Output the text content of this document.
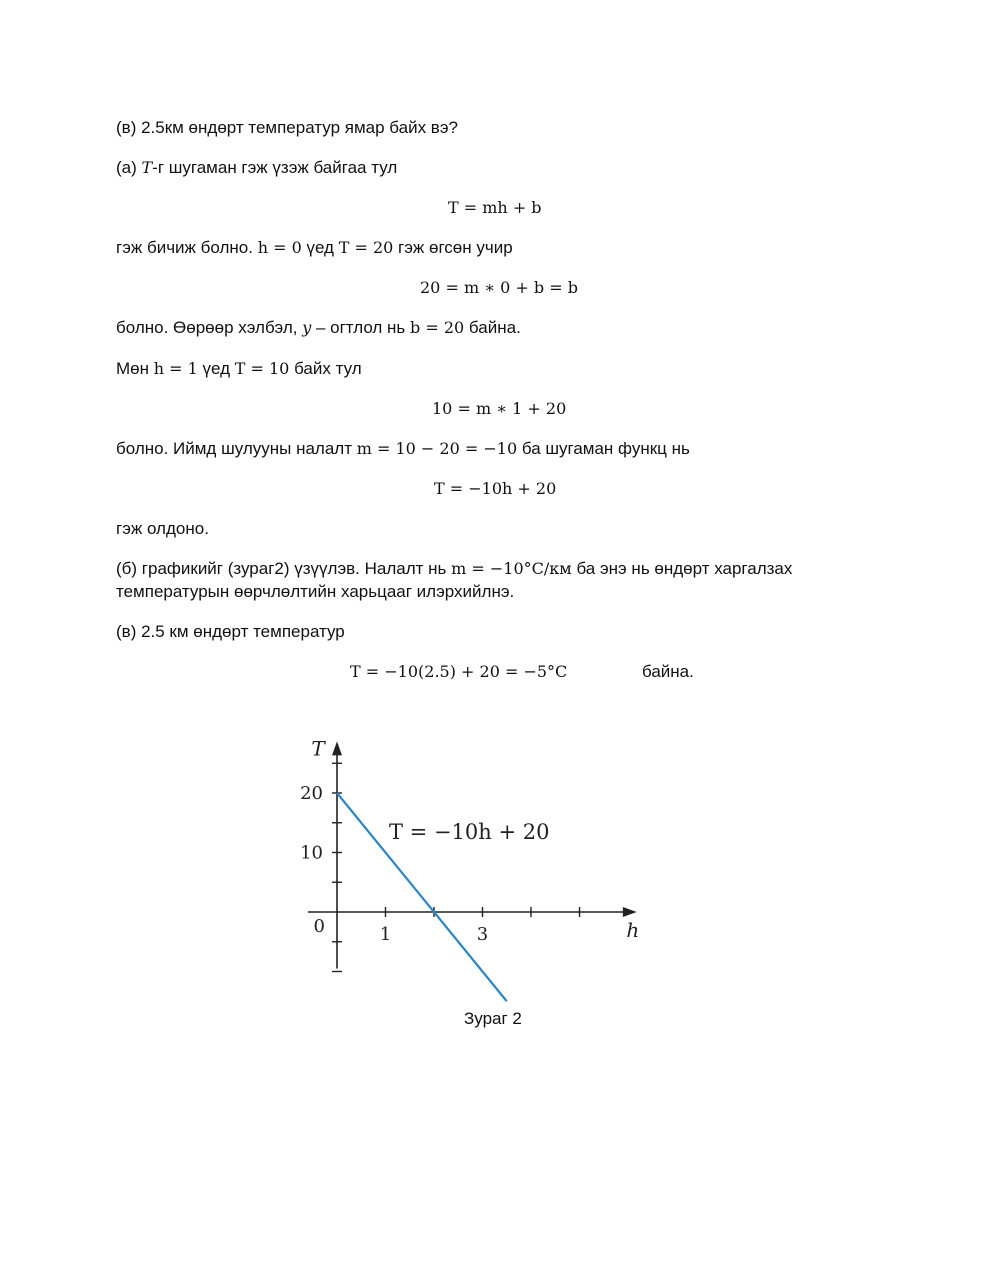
(в) 2.5км өндөрт температур ямар байх вэ?
(а) T-г шугаман гэж үзэж байгаа тул
T = mh + b
гэж бичиж болно. h = 0 үед T = 20 гэж өгсөн учир
20 = m ∗ 0 + b = b
болно. Өөрөөр хэлбэл, y – огтлол нь b = 20 байна.
Мөн h = 1 үед T = 10 байх тул
10 = m ∗ 1 + 20
болно. Иймд шулууны налалт m = 10 − 20 = −10 ба шугаман функц нь
T = −10h + 20
гэж олдоно.
(б) графикийг (зураг2) үзүүлэв. Налалт нь m = −10°C/км ба энэ нь өндөрт харгалзах
температурын өөрчлөлтийн харьцааг илэрхийлнэ.
(в) 2.5 км өндөрт температур
T = −10(2.5) + 20 = −5°C	байна.
1	3
10
20
0	h
T
T = −10h + 20
Зураг 2
